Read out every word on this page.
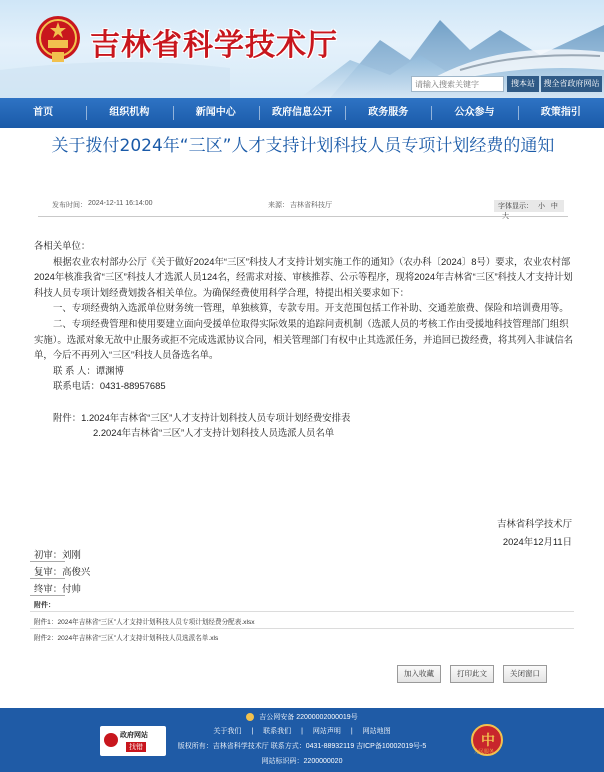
吉林省科学技术厅
请输入搜索关键字
搜本站	搜全省政府网站
首页	组织机构	新闻中心	政府信息公开	政务服务	公众参与	政策指引
关于拨付2024年“三区”人才支持计划科技人员专项计划经费的通知
发布时间： 2024-12-11 16:14:00	来源： 吉林省科技厅	字体显示： 小 中

各相关单位：

根据农业农村部办公厅《关于做好2024年“三区”科技人才支持计划实施工作的通知》（农办科〔2024〕8号）要求，农业农村部2024年核准我省“三区”科技人才选派人员124名，经需求对接、审核推荐、公示等程序，现将2024年吉林省“三区”科技人才支持计划科技人员专项计划经费划拨各相关单位。为确保经费使用科学合理，特提出相关要求如下：

一、专项经费纳入选派单位财务统一管理，单独核算，专款专用。开支范围包括工作补助、交通差旅费、保险和培训费用等。

二、专项经费管理和使用要建立面向受援单位取得实际效果的追踪问责机制（选派人员的考核工作由受援地科技管理部门组织实施）。选派对象无故中止服务或拒不完成选派协议合同，相关管理部门有权中止其选派任务，并追回已拨经费，将其列入非诚信名单，今后不再列入“三区”科技人员备选名单。

联 系 人：谭渊博

联系电话：0431-88957685

附件：1.2024年吉林省“三区”人才支持计划科技人员专项计划经费安排表

2.2024年吉林省“三区”人才支持计划科技人员选派人员名单

吉林省科学技术厅
2024年12月11日
初审：刘刚
复审：高俊兴
终审：付帅
附件：
附件1：2024年吉林省“三区”人才支持计划科技人员专项计划经费分配表.xlsx
附件2：2024年吉林省“三区”人才支持计划科技人员选派名单.xls
加入收藏	打印此文	关闭窗口
吉公网安备 22000002000019号
关于我们 | 联系我们 | 网站声明 | 网站地图
版权所有：吉林省科学技术厅 联系方式：0431-88932119 吉ICP备10002019号-5
网站标识码：2200000020
政府网站
找错	中
为民服务
